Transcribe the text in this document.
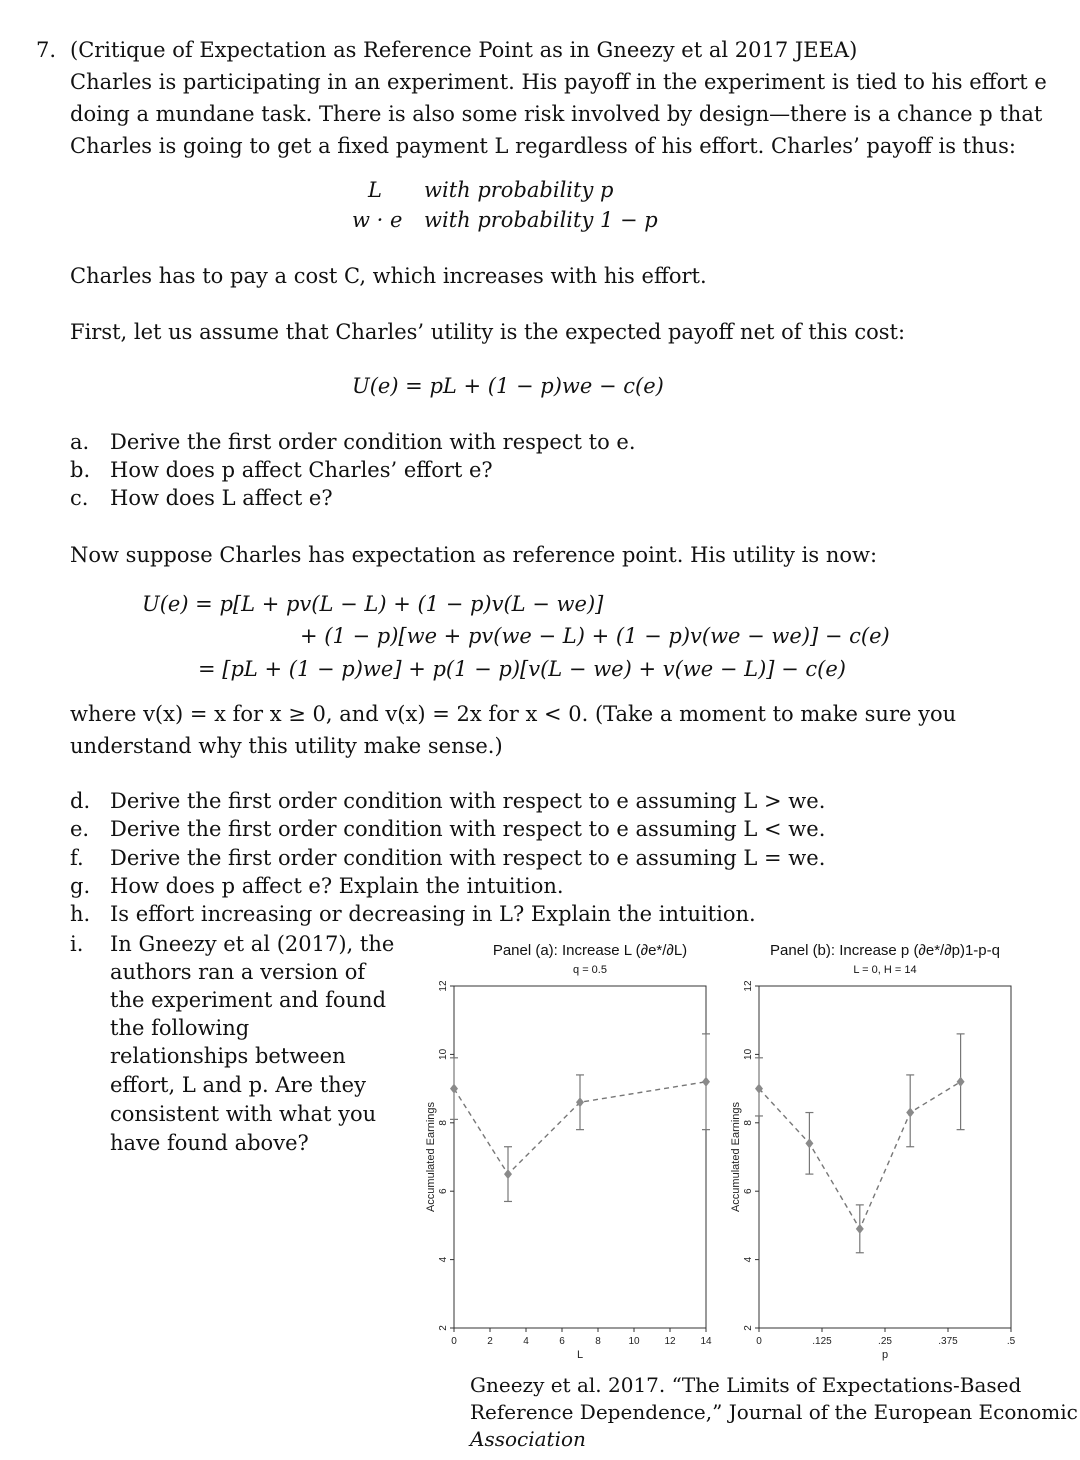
7. (Critique of Expectation as Reference Point as in Gneezy et al 2017 JEEA)
Charles is participating in an experiment. His payoff in the experiment is tied to his effort e
doing a mundane task. There is also some risk involved by design—there is a chance p that
Charles is going to get a fixed payment L regardless of his effort. Charles’ payoff is thus:
L with probability p
w · e with probability 1 − p
Charles has to pay a cost C, which increases with his effort.
First, let us assume that Charles’ utility is the expected payoff net of this cost:
U(e) = pL + (1 − p)we − c(e)
a. Derive the first order condition with respect to e.
b. How does p affect Charles’ effort e?
c. How does L affect e?
Now suppose Charles has expectation as reference point. His utility is now:
U(e) = p[L + pv(L − L) + (1 − p)v(L − we)]
+ (1 − p)[we + pv(we − L) + (1 − p)v(we − we)] − c(e)
= [pL + (1 − p)we] + p(1 − p)[v(L − we) + v(we − L)] − c(e)
where v(x) = x for x ≥ 0, and v(x) = 2x for x < 0. (Take a moment to make sure you
understand why this utility make sense.)
d. Derive the first order condition with respect to e assuming L > we.
e. Derive the first order condition with respect to e assuming L < we.
f. Derive the first order condition with respect to e assuming L = we.
g. How does p affect e? Explain the intuition.
h. Is effort increasing or decreasing in L? Explain the intuition.
i. In Gneezy et al (2017), the
authors ran a version of
the experiment and found
the following
relationships between
effort, L and p. Are they
consistent with what you
have found above?
Panel (a): Increase L (∂e*/∂L)
q = 0.5
2
4
6
8
10
12
0	2	4	6	8	10 12 14
L
Accumulated Earnings
Panel (b): Increase p (∂e*/∂p)1-p-q
L = 0, H = 14
2
4
6
8
10
12
0	.125	.25	.375	.5
p
Accumulated Earnings
Gneezy et al. 2017. “The Limits of Expectations-Based
Reference Dependence,” Journal of the European Economic
Association
